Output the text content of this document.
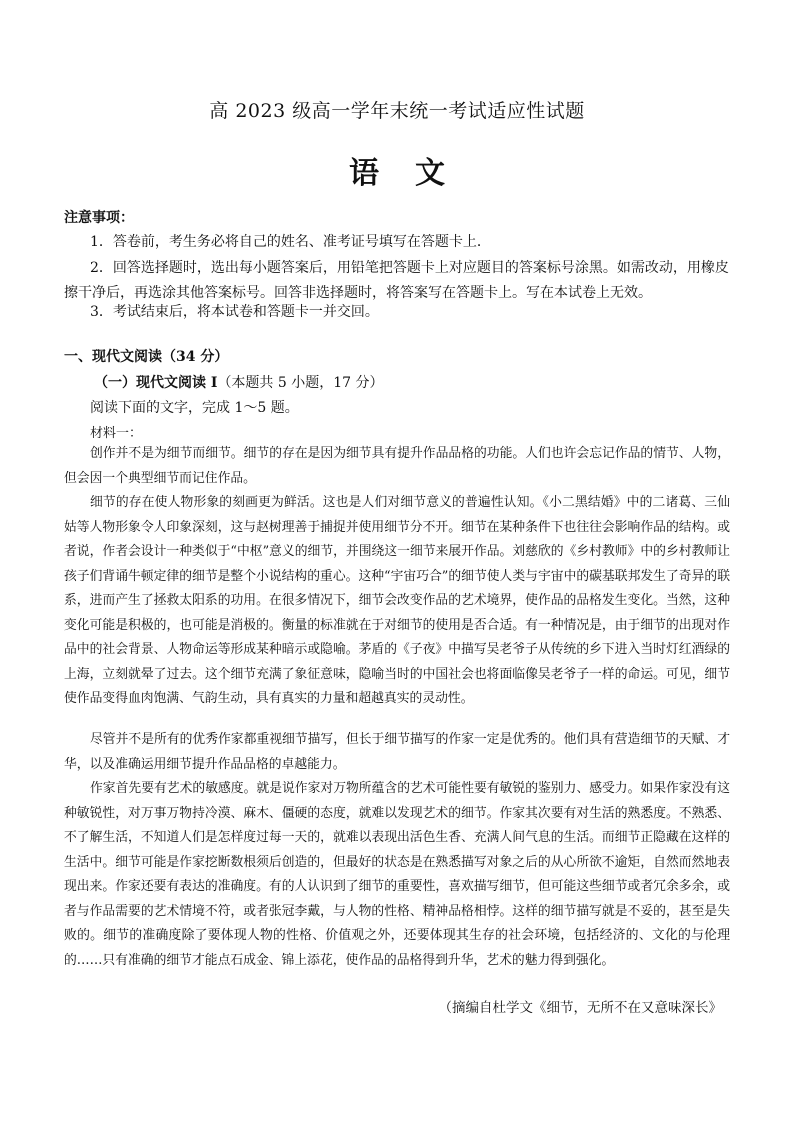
高 2023 级高一学年末统一考试适应性试题
语文
注意事项：
1．答卷前，考生务必将自己的姓名、准考证号填写在答题卡上．
2．回答选择题时，选出每小题答案后，用铅笔把答题卡上对应题目的答案标号涂黑。如需改动，用橡皮擦干净后，再选涂其他答案标号。回答非选择题时，将答案写在答题卡上。写在本试卷上无效。
3．考试结束后，将本试卷和答题卡一并交回。
一、现代文阅读（34 分）
（一）现代文阅读 I（本题共 5 小题，17 分）
阅读下面的文字，完成 1～5 题。
材料一：
创作并不是为细节而细节。细节的存在是因为细节具有提升作品品格的功能。人们也许会忘记作品的情节、人物，但会因一个典型细节而记住作品。
细节的存在使人物形象的刻画更为鲜活。这也是人们对细节意义的普遍性认知。《小二黑结婚》中的二诸葛、三仙姑等人物形象令人印象深刻，这与赵树理善于捕捉并使用细节分不开。细节在某种条件下也往往会影响作品的结构。或者说，作者会设计一种类似于“中枢”意义的细节，并围绕这一细节来展开作品。刘慈欣的《乡村教师》中的乡村教师让孩子们背诵牛顿定律的细节是整个小说结构的重心。这种“宇宙巧合”的细节使人类与宇宙中的碳基联邦发生了奇异的联系，进而产生了拯救太阳系的功用。在很多情况下，细节会改变作品的艺术境界，使作品的品格发生变化。当然，这种变化可能是积极的，也可能是消极的。衡量的标准就在于对细节的使用是否合适。有一种情况是，由于细节的出现对作品中的社会背景、人物命运等形成某种暗示或隐喻。茅盾的《子夜》中描写吴老爷子从传统的乡下进入当时灯红酒绿的上海，立刻就晕了过去。这个细节充满了象征意味，隐喻当时的中国社会也将面临像吴老爷子一样的命运。可见，细节使作品变得血肉饱满、气韵生动，具有真实的力量和超越真实的灵动性。
尽管并不是所有的优秀作家都重视细节描写，但长于细节描写的作家一定是优秀的。他们具有营造细节的天赋、才华，以及准确运用细节提升作品品格的卓越能力。
作家首先要有艺术的敏感度。就是说作家对万物所蕴含的艺术可能性要有敏锐的鉴别力、感受力。如果作家没有这种敏锐性，对万事万物持冷漠、麻木、僵硬的态度，就难以发现艺术的细节。作家其次要有对生活的熟悉度。不熟悉、不了解生活，不知道人们是怎样度过每一天的，就难以表现出活色生香、充满人间气息的生活。而细节正隐藏在这样的生活中。细节可能是作家挖断数根须后创造的，但最好的状态是在熟悉描写对象之后的从心所欲不逾矩，自然而然地表现出来。作家还要有表达的准确度。有的人认识到了细节的重要性，喜欢描写细节，但可能这些细节或者冗余多余，或者与作品需要的艺术情境不符，或者张冠李戴，与人物的性格、精神品格相悖。这样的细节描写就是不妥的，甚至是失败的。细节的准确度除了要体现人物的性格、价值观之外，还要体现其生存的社会环境，包括经济的、文化的与伦理的……只有准确的细节才能点石成金、锦上添花，使作品的品格得到升华，艺术的魅力得到强化。
（摘编自杜学文《细节，无所不在又意味深长》
